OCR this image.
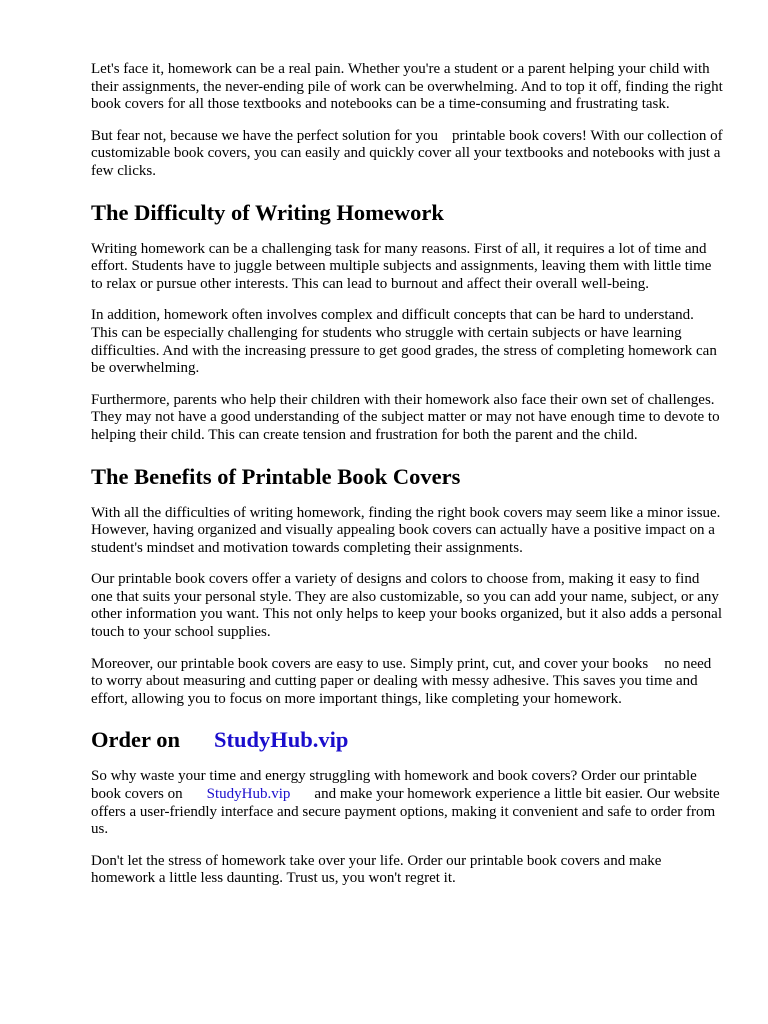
Let's face it, homework can be a real pain. Whether you're a student or a parent helping your child with their assignments, the never-ending pile of work can be overwhelming. And to top it off, finding the right book covers for all those textbooks and notebooks can be a time-consuming and frustrating task.

But fear not, because we have the perfect solution for you printable book covers! With our collection of customizable book covers, you can easily and quickly cover all your textbooks and notebooks with just a few clicks.

The Difficulty of Writing Homework

Writing homework can be a challenging task for many reasons. First of all, it requires a lot of time and effort. Students have to juggle between multiple subjects and assignments, leaving them with little time to relax or pursue other interests. This can lead to burnout and affect their overall well-being.

In addition, homework often involves complex and difficult concepts that can be hard to understand. This can be especially challenging for students who struggle with certain subjects or have learning difficulties. And with the increasing pressure to get good grades, the stress of completing homework can be overwhelming.

Furthermore, parents who help their children with their homework also face their own set of challenges. They may not have a good understanding of the subject matter or may not have enough time to devote to helping their child. This can create tension and frustration for both the parent and the child.

The Benefits of Printable Book Covers

With all the difficulties of writing homework, finding the right book covers may seem like a minor issue. However, having organized and visually appealing book covers can actually have a positive impact on a student's mindset and motivation towards completing their assignments.

Our printable book covers offer a variety of designs and colors to choose from, making it easy to find one that suits your personal style. They are also customizable, so you can add your name, subject, or any other information you want. This not only helps to keep your books organized, but it also adds a personal touch to your school supplies.

Moreover, our printable book covers are easy to use. Simply print, cut, and cover your books no need to worry about measuring and cutting paper or dealing with messy adhesive. This saves you time and effort, allowing you to focus on more important things, like completing your homework.

Order on StudyHub.vip

So why waste your time and energy struggling with homework and book covers? Order our printable book covers on StudyHub.vip and make your homework experience a little bit easier. Our website offers a user-friendly interface and secure payment options, making it convenient and safe to order from us.

Don't let the stress of homework take over your life. Order our printable book covers and make homework a little less daunting. Trust us, you won't regret it.
